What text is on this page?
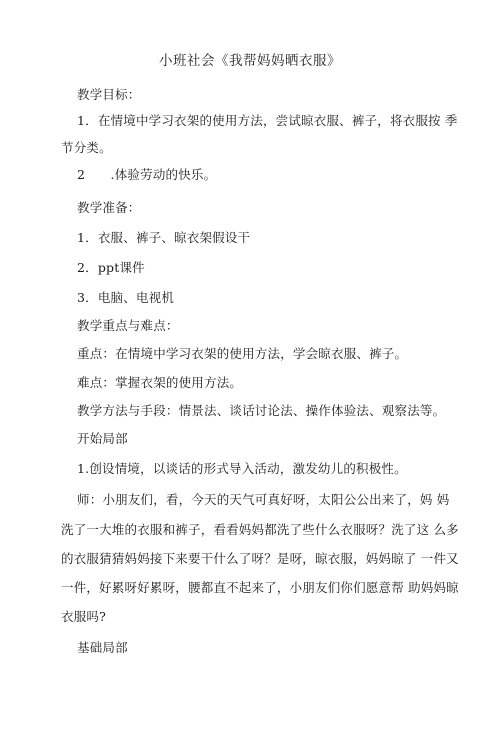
小班社会《我帮妈妈晒衣服》
教学目标：
1．在情境中学习衣架的使用方法，尝试晾衣服、裤子，将衣服按 季
节分类。
2　　.体验劳动的快乐。
教学准备：
1．衣服、裤子、晾衣架假设干
2．ppt课件
3．电脑、电视机
教学重点与难点：
重点：在情境中学习衣架的使用方法，学会晾衣服、裤子。
难点：掌握衣架的使用方法。
教学方法与手段：情景法、谈话讨论法、操作体验法、观察法等。
开始局部
1.创设情境，以谈话的形式导入活动，激发幼儿的积极性。
师：小朋友们，看，今天的天气可真好呀，太阳公公出来了，妈 妈
洗了一大堆的衣服和裤子，看看妈妈都洗了些什么衣服呀？洗了这 么多
的衣服猜猜妈妈接下来要干什么了呀？是呀，晾衣服，妈妈晾了 一件又
一件，好累呀好累呀，腰都直不起来了，小朋友们你们愿意帮 助妈妈晾
衣服吗?
基础局部
